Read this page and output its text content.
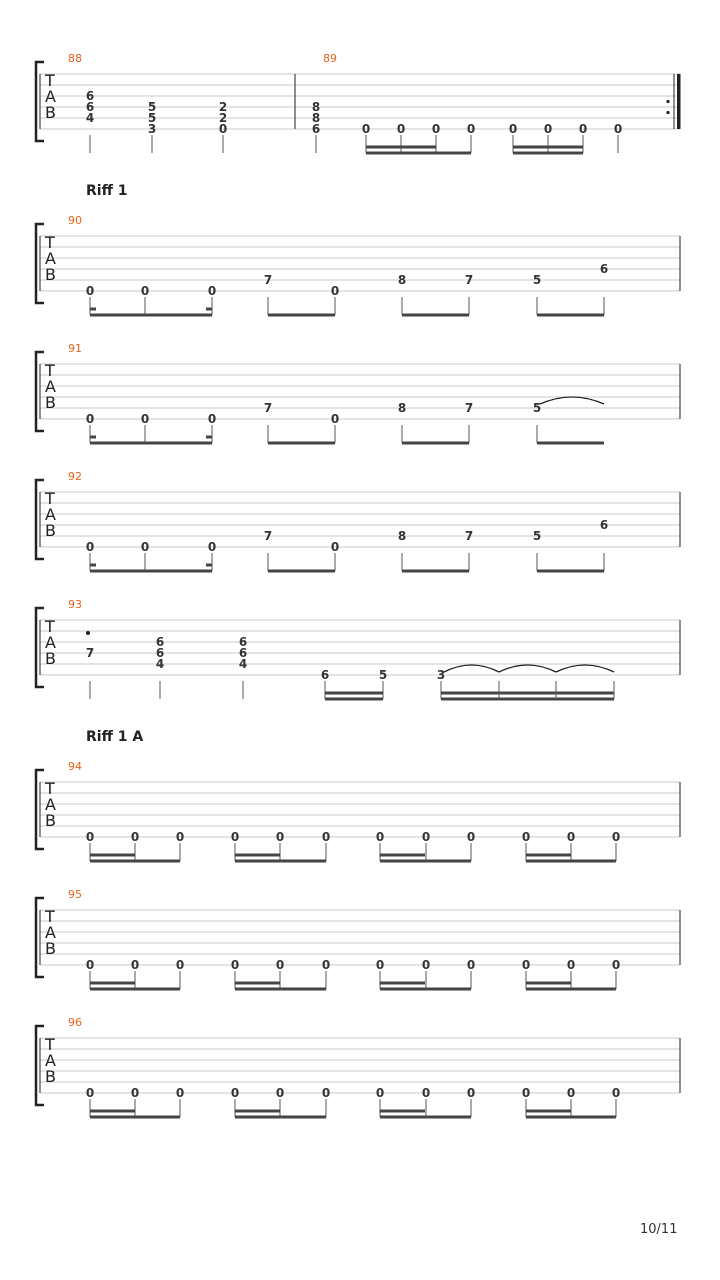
T
A
B
88
6
6
4
5
5
3
2
2
0
89
8
8
6	0 0 0 0	0 0 0 0
Riff 1
T
A
B
90
0	0	0
7
0
8	7	5
6
T
A
B
91
0	0	0
7
0
8	7	5
T
A
B
92
0	0	0
7
0
8	7	5
6
T
A
B
93
7
6
6
4
6
6
4
6	5	3
Riff 1 A
T
A
B
94
0	0	0	0	0	0	0	0	0	0	0	0
T
A
B
95
0	0	0	0	0	0	0	0	0	0	0	0
T
A
B
96
0	0	0	0	0	0	0	0	0	0	0	0
10/11
